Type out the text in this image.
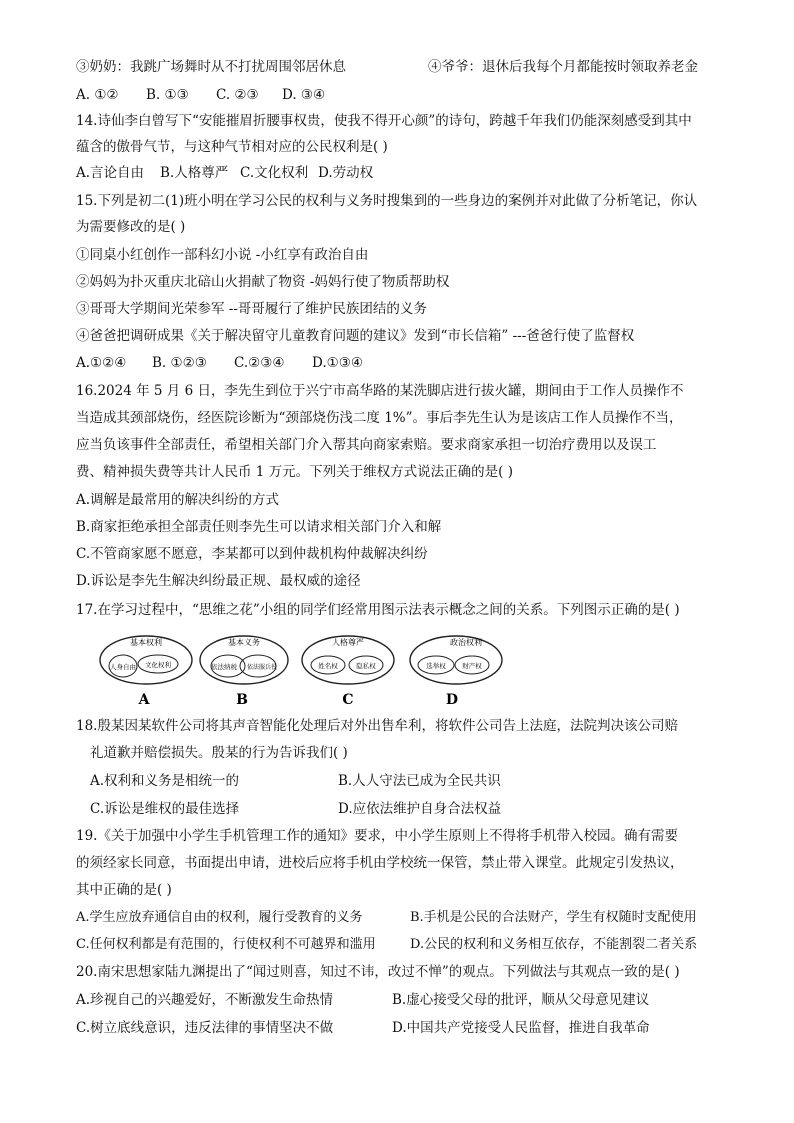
③奶奶：我跳广场舞时从不打扰周围邻居休息	④爷爷：退休后我每个月都能按时领取养老金
A. ①② B. ①③ C. ②③ D. ③④
14.诗仙李白曾写下“安能摧眉折腰事权贵，使我不得开心颜”的诗句，跨越千年我们仍能深刻感受到其中
蕴含的傲骨气节，与这种气节相对应的公民权利是( )
A.言论自由 B.人格尊严 C.文化权利 D.劳动权
15.下列是初二(1)班小明在学习公民的权利与义务时搜集到的一些身边的案例并对此做了分析笔记，你认
为需要修改的是( )
①同桌小红创作一部科幻小说 -小红享有政治自由
②妈妈为扑灭重庆北碚山火捐献了物资 -妈妈行使了物质帮助权
③哥哥大学期间光荣参军 --哥哥履行了维护民族团结的义务
④爸爸把调研成果《关于解决留守儿童教育问题的建议》发到“市长信箱” ---爸爸行使了监督权
A.①②④ B. ①②③ C.②③④ D.①③④
16.2024 年 5 月 6 日，李先生到位于兴宁市高华路的某洗脚店进行拔火罐，期间由于工作人员操作不
当造成其颈部烧伤，经医院诊断为“颈部烧伤浅二度 1%”。事后李先生认为是该店工作人员操作不当，
应当负该事件全部责任，希望相关部门介入帮其向商家索赔。要求商家承担一切治疗费用以及误工
费、精神损失费等共计人民币 1 万元。下列关于维权方式说法正确的是( )
A.调解是最常用的解决纠纷的方式
B.商家拒绝承担全部责任则李先生可以请求相关部门介入和解
C.不管商家愿不愿意，李某都可以到仲裁机构仲裁解决纠纷
D.诉讼是李先生解决纠纷最正规、最权威的途径
17.在学习过程中，“思维之花”小组的同学们经常用图示法表示概念之间的关系。下列图示正确的是( )
基本权利
人身自由 文化权利
A
基本义务
依法纳税 依法服兵役
B
人格尊严
姓名权	隐私权
C
政治权利
选举权	财产权
D
18.殷某因某软件公司将其声音智能化处理后对外出售牟利，将软件公司告上法庭，法院判决该公司赔
礼道歉并赔偿损失。殷某的行为告诉我们( )
A.权利和义务是相统一的	B.人人守法已成为全民共识
C.诉讼是维权的最佳选择	D.应依法维护自身合法权益
19.《关于加强中小学生手机管理工作的通知》要求，中小学生原则上不得将手机带入校园。确有需要
的须经家长同意，书面提出申请，进校后应将手机由学校统一保管，禁止带入课堂。此规定引发热议，
其中正确的是( )
A.学生应放弃通信自由的权利，履行受教育的义务	B.手机是公民的合法财产，学生有权随时支配使用
C.任何权利都是有范围的，行使权利不可越界和滥用	D.公民的权利和义务相互依存，不能割裂二者关系
20.南宋思想家陆九渊提出了“闻过则喜，知过不讳，改过不惮”的观点。下列做法与其观点一致的是( )
A.珍视自己的兴趣爱好，不断激发生命热情	B.虚心接受父母的批评，顺从父母意见建议
C.树立底线意识，违反法律的事情坚决不做	D.中国共产党接受人民监督，推进自我革命
